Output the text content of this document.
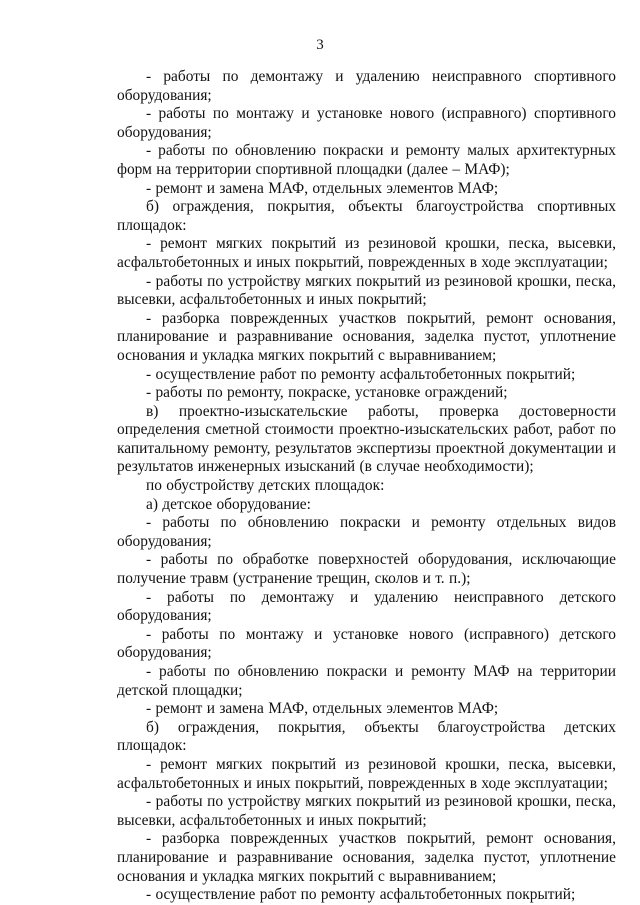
3

- работы по демонтажу и удалению неисправного спортивного оборудования;

- работы по монтажу и установке нового (исправного) спортивного оборудования;

- работы по обновлению покраски и ремонту малых архитектурных форм на территории спортивной площадки (далее – МАФ);

- ремонт и замена МАФ, отдельных элементов МАФ;

б) ограждения, покрытия, объекты благоустройства спортивных площадок:

- ремонт мягких покрытий из резиновой крошки, песка, высевки, асфальтобетонных и иных покрытий, поврежденных в ходе эксплуатации;

- работы по устройству мягких покрытий из резиновой крошки, песка, высевки, асфальтобетонных и иных покрытий;

- разборка поврежденных участков покрытий, ремонт основания, планирование и разравнивание основания, заделка пустот, уплотнение основания и укладка мягких покрытий с выравниванием;

- осуществление работ по ремонту асфальтобетонных покрытий;

- работы по ремонту, покраске, установке ограждений;

в) проектно-изыскательские работы, проверка достоверности определения сметной стоимости проектно-изыскательских работ, работ по капитальному ремонту, результатов экспертизы проектной документации и результатов инженерных изысканий (в случае необходимости);

по обустройству детских площадок:

а) детское оборудование:

- работы по обновлению покраски и ремонту отдельных видов оборудования;

- работы по обработке поверхностей оборудования, исключающие получение травм (устранение трещин, сколов и т. п.);

- работы по демонтажу и удалению неисправного детского оборудования;

- работы по монтажу и установке нового (исправного) детского оборудования;

- работы по обновлению покраски и ремонту МАФ на территории детской площадки;

- ремонт и замена МАФ, отдельных элементов МАФ;

б) ограждения, покрытия, объекты благоустройства детских площадок:

- ремонт мягких покрытий из резиновой крошки, песка, высевки, асфальтобетонных и иных покрытий, поврежденных в ходе эксплуатации;

- работы по устройству мягких покрытий из резиновой крошки, песка, высевки, асфальтобетонных и иных покрытий;

- разборка поврежденных участков покрытий, ремонт основания, планирование и разравнивание основания, заделка пустот, уплотнение основания и укладка мягких покрытий с выравниванием;

- осуществление работ по ремонту асфальтобетонных покрытий;
